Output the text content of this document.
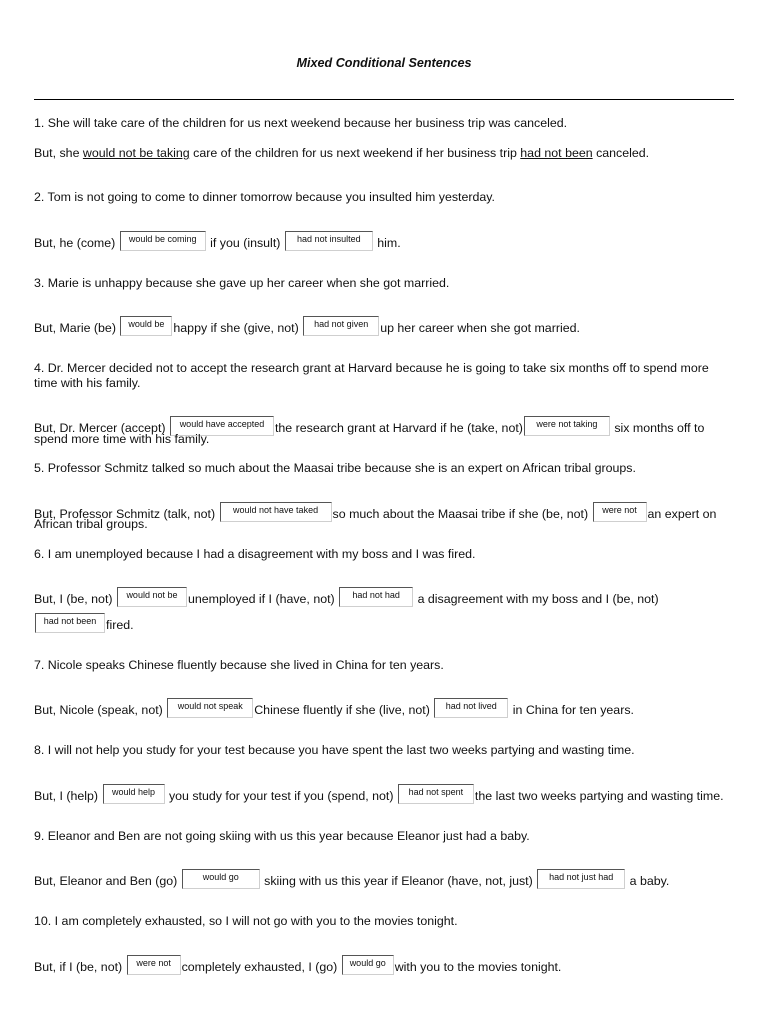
Mixed Conditional Sentences
1. She will take care of the children for us next weekend because her business trip was canceled.
But, she would not be taking care of the children for us next weekend if her business trip had not been canceled.
2. Tom is not going to come to dinner tomorrow because you insulted him yesterday.
But, he (come)	would be coming if you (insult)	had not insulted	him.
3. Marie is unhappy because she gave up her career when she got married.
But, Marie (be) would be happy if she (give, not)	had not given up her career when she got married.
4. Dr. Mercer decided not to accept the research grant at Harvard because he is going to take six months off to spend more
time with his family.
But, Dr. Mercer (accept)	would have accepted the research grant at Harvard if he (take, not)	were not taking	six months off to
spend more time with his family.
5. Professor Schmitz talked so much about the Maasai tribe because she is an expert on African tribal groups.
But, Professor Schmitz (talk, not)	would not have taked	so much about the Maasai tribe if she (be, not)	were not an expert on
African tribal groups.
6. I am unemployed because I had a disagreement with my boss and I was fired.
But, I (be, not)	would not be unemployed if I (have, not)	had not had	a disagreement with my boss and I (be, not)
had not been fired.
7. Nicole speaks Chinese fluently because she lived in China for ten years.
But, Nicole (speak, not)	would not speak Chinese fluently if she (live, not)	had not lived	in China for ten years.
8. I will not help you study for your test because you have spent the last two weeks partying and wasting time.
But, I (help)	would help you study for your test if you (spend, not)	had not spent the last two weeks partying and wasting time.
9. Eleanor and Ben are not going skiing with us this year because Eleanor just had a baby.
But, Eleanor and Ben (go)	would go	skiing with us this year if Eleanor (have, not, just)	had not just had	a baby.
10. I am completely exhausted, so I will not go with you to the movies tonight.
But, if I (be, not)	were not completely exhausted, I (go) would go with you to the movies tonight.
